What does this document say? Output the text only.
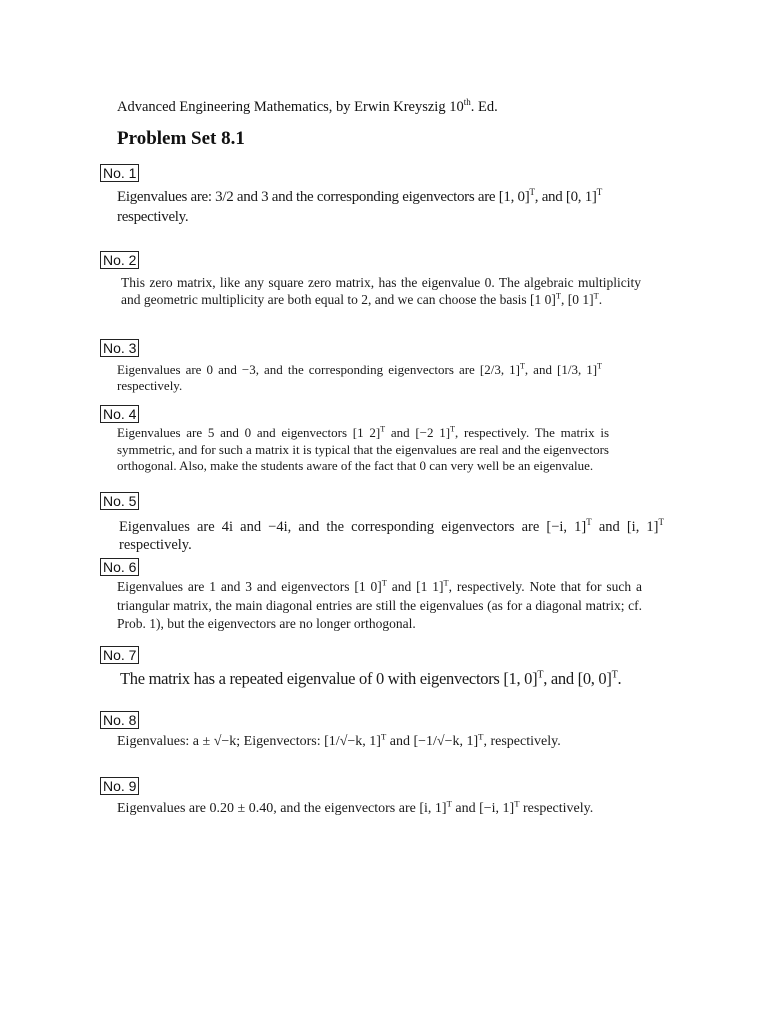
Advanced Engineering Mathematics, by Erwin Kreyszig 10th. Ed.
Problem Set 8.1
No. 1
Eigenvalues are: 3/2 and 3 and the corresponding eigenvectors are [1, 0]$^T$, and [0, 1]$^T$ respectively.
No. 2
This zero matrix, like any square zero matrix, has the eigenvalue 0. The algebraic multiplicity and geometric multiplicity are both equal to 2, and we can choose the basis [1 0]$^T$, [0 1]$^T$.
No. 3
Eigenvalues are 0 and −3, and the corresponding eigenvectors are [2/3, 1]$^T$, and [1/3, 1]$^T$ respectively.
No. 4
Eigenvalues are 5 and 0 and eigenvectors [1 2]$^T$ and [−2 1]$^T$, respectively. The matrix is symmetric, and for such a matrix it is typical that the eigenvalues are real and the eigenvectors orthogonal. Also, make the students aware of the fact that 0 can very well be an eigenvalue.
No. 5
Eigenvalues are 4i and −4i, and the corresponding eigenvectors are [−i, 1]$^T$ and [i, 1]$^T$ respectively.
No. 6
Eigenvalues are 1 and 3 and eigenvectors [1 0]$^T$ and [1 1]$^T$, respectively. Note that for such a triangular matrix, the main diagonal entries are still the eigenvalues (as for a diagonal matrix; cf. Prob. 1), but the eigenvectors are no longer orthogonal.
No. 7
The matrix has a repeated eigenvalue of 0 with eigenvectors [1, 0]$^T$, and [0, 0]$^T$.
No. 8
Eigenvalues: a ± √−k; Eigenvectors: [1/√−k, 1]$^T$ and [−1/√−k, 1]$^T$, respectively.
No. 9
Eigenvalues are 0.20 ± 0.40, and the eigenvectors are [i, 1]$^T$ and [−i, 1]$^T$ respectively.
